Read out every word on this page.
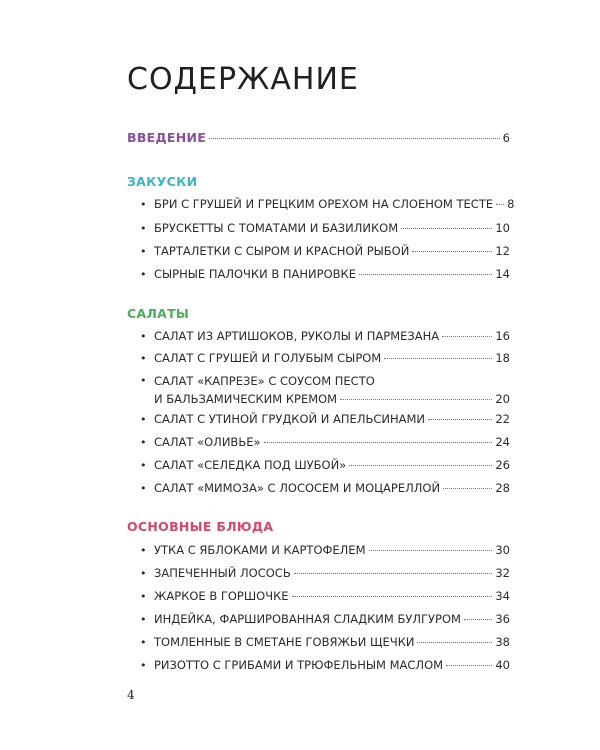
СОДЕРЖАНИЕ
ВВЕДЕНИЕ	6
ЗАКУСКИ
• БРИ С ГРУШЕЙ И ГРЕЦКИМ ОРЕХОМ НА СЛОЕНОМ ТЕСТЕ 8
• БРУСКЕТТЫ С ТОМАТАМИ И БАЗИЛИКОМ	10
• ТАРТАЛЕТКИ С СЫРОМ И КРАСНОЙ РЫБОЙ	12
• СЫРНЫЕ ПАЛОЧКИ В ПАНИРОВКЕ	14
САЛАТЫ
• САЛАТ ИЗ АРТИШОКОВ, РУКОЛЫ И ПАРМЕЗАНА	16
• САЛАТ С ГРУШЕЙ И ГОЛУБЫМ СЫРОМ	18
• САЛАТ «КАПРЕЗЕ» С СОУСОМ ПЕСТО
И БАЛЬЗАМИЧЕСКИМ КРЕМОМ	20
• САЛАТ С УТИНОЙ ГРУДКОЙ И АПЕЛЬСИНАМИ	22
• САЛАТ «ОЛИВЬЕ»	24
• САЛАТ «СЕЛЕДКА ПОД ШУБОЙ»	26
• САЛАТ «МИМОЗА» С ЛОСОСЕМ И МОЦАРЕЛЛОЙ	28
ОСНОВНЫЕ БЛЮДА
• УТКА С ЯБЛОКАМИ И КАРТОФЕЛЕМ	30
• ЗАПЕЧЕННЫЙ ЛОСОСЬ	32
• ЖАРКОЕ В ГОРШОЧКЕ	34
• ИНДЕЙКА, ФАРШИРОВАННАЯ СЛАДКИМ БУЛГУРОМ	36
• ТОМЛЕННЫЕ В СМЕТАНЕ ГОВЯЖЬИ ЩЕЧКИ	38
• РИЗОТТО С ГРИБАМИ И ТРЮФЕЛЬНЫМ МАСЛОМ	40
4
